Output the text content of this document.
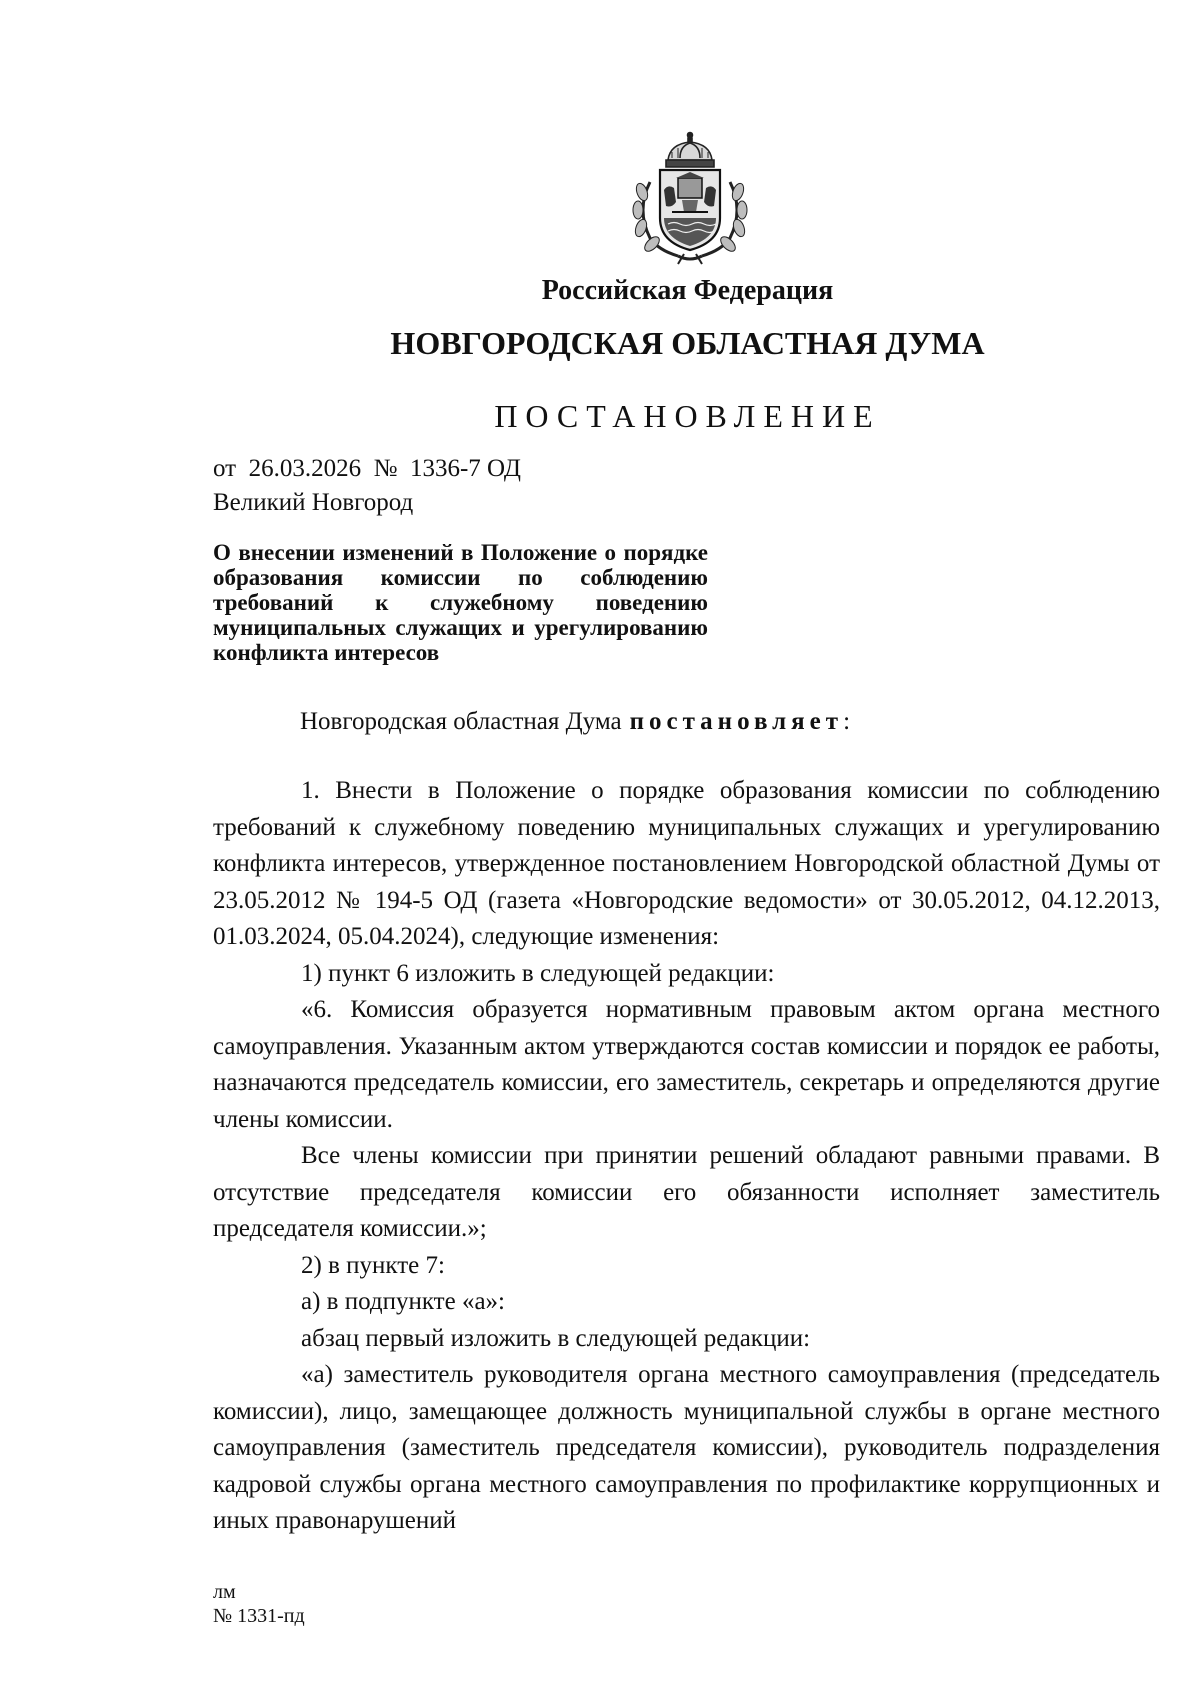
Российская Федерация
НОВГОРОДСКАЯ ОБЛАСТНАЯ ДУМА
ПОСТАНОВЛЕНИЕ
от  26.03.2026  №  1336-7 ОД
Великий Новгород
О внесении изменений в Положение о порядке образования комиссии по соблюдению требований к служебному поведению муниципальных служащих и урегулированию конфликта интересов
Новгородская областная Дума постановляет:

1. Внести в Положение о порядке образования комиссии по соблюдению требований к служебному поведению муниципальных служащих и урегулированию конфликта интересов, утвержденное постановлением Новгородской областной Думы от 23.05.2012 № 194-5 ОД (газета «Новгородские ведомости» от 30.05.2012, 04.12.2013, 01.03.2024, 05.04.2024), следующие изменения:

1) пункт 6 изложить в следующей редакции:

«6. Комиссия образуется нормативным правовым актом органа местного самоуправления. Указанным актом утверждаются состав комиссии и порядок ее работы, назначаются председатель комиссии, его заместитель, секретарь и определяются другие члены комиссии.

Все члены комиссии при принятии решений обладают равными правами. В отсутствие председателя комиссии его обязанности исполняет заместитель председателя комиссии.»;

2) в пункте 7:

а) в подпункте «а»:

абзац первый изложить в следующей редакции:

«а) заместитель руководителя органа местного самоуправления (председатель комиссии), лицо, замещающее должность муниципальной службы в органе местного самоуправления (заместитель председателя комиссии), руководитель подразделения кадровой службы органа местного самоуправления по профилактике коррупционных и иных правонарушений

лм
№ 1331-пд
